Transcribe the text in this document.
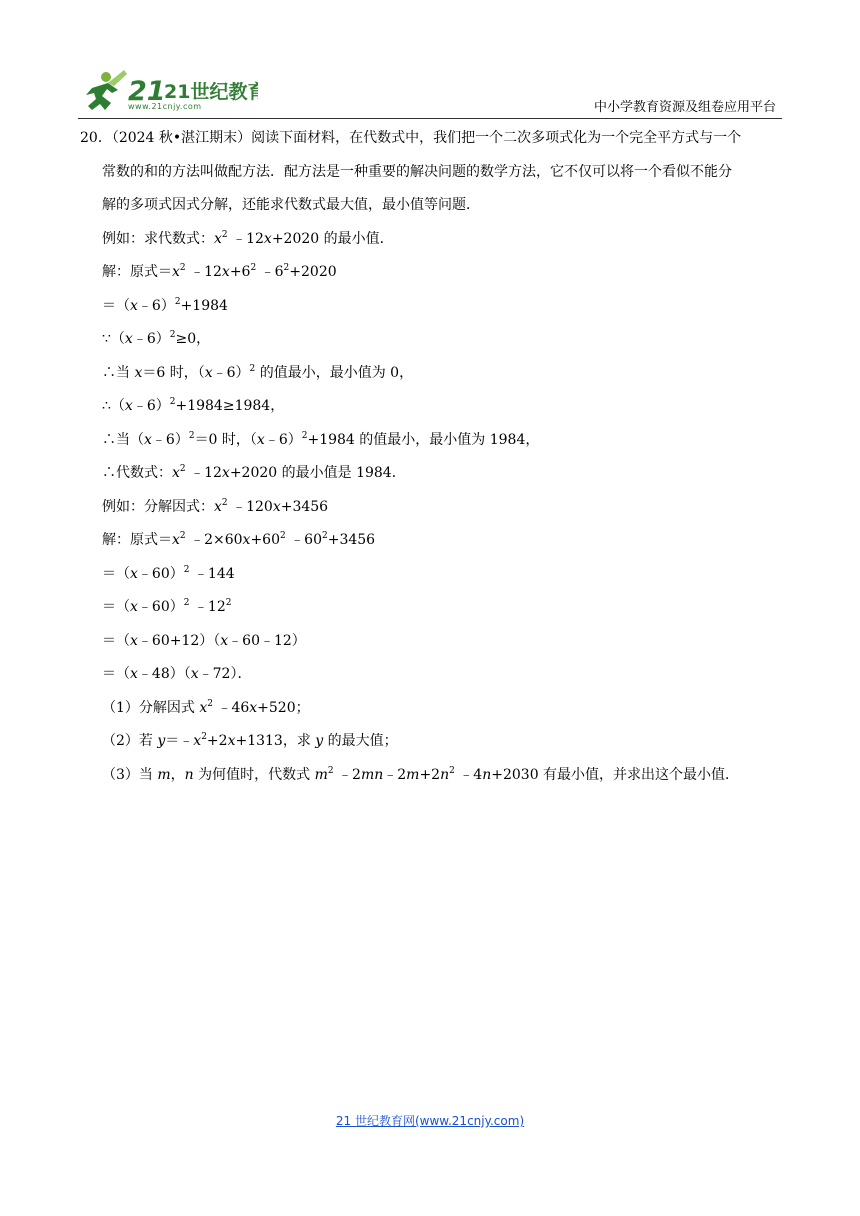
21
21世纪教育
www.21cnjy.com	中小学教育资源及组卷应用平台
20．（2024 秋•湛江期末）阅读下面材料，在代数式中，我们把一个二次多项式化为一个完全平方式与一个
常数的和的方法叫做配方法．配方法是一种重要的解决问题的数学方法，它不仅可以将一个看似不能分
解的多项式因式分解，还能求代数式最大值，最小值等问题．
例如：求代数式：$x^2$ ﹣12x+2020 的最小值．
解：原式$=x^2$ $﹣12x+6^2$ $﹣6^2+2020$
＝（x﹣6）$^2$+1984
∵（x﹣6）$^2$≥0，
∴当 x＝6 时，（x﹣6）$^2$ 的值最小，最小值为 0，
∴（x﹣6）$^2$+1984≥1984，
∴当（x﹣6）$^2$＝0 时，（x﹣6）$^2$+1984 的值最小，最小值为 1984，
∴代数式：$x^2$ ﹣12x+2020 的最小值是 1984．
例如：分解因式：$x^2$ ﹣120x+3456
解：原式$=x^2$ $﹣2\times 60x+60^2$ $﹣60^2+3456$
＝（x﹣60）$^2$ ﹣144
＝（x﹣60）$^2$ $﹣12^2$
＝（x﹣60+12）（x﹣60﹣12）
＝（x﹣48）（x﹣72）．
（1）分解因式 $x^2$ ﹣46x+520；
（2）若 $y=﹣x^2+2x+1313$，求 y 的最大值；
（3）当 m，n 为何值时，代数式 $m^2$ $﹣2mn﹣2m+2n^2$ ﹣4n+2030 有最小值，并求出这个最小值．
21 世纪教育网(www.21cnjy.com)
